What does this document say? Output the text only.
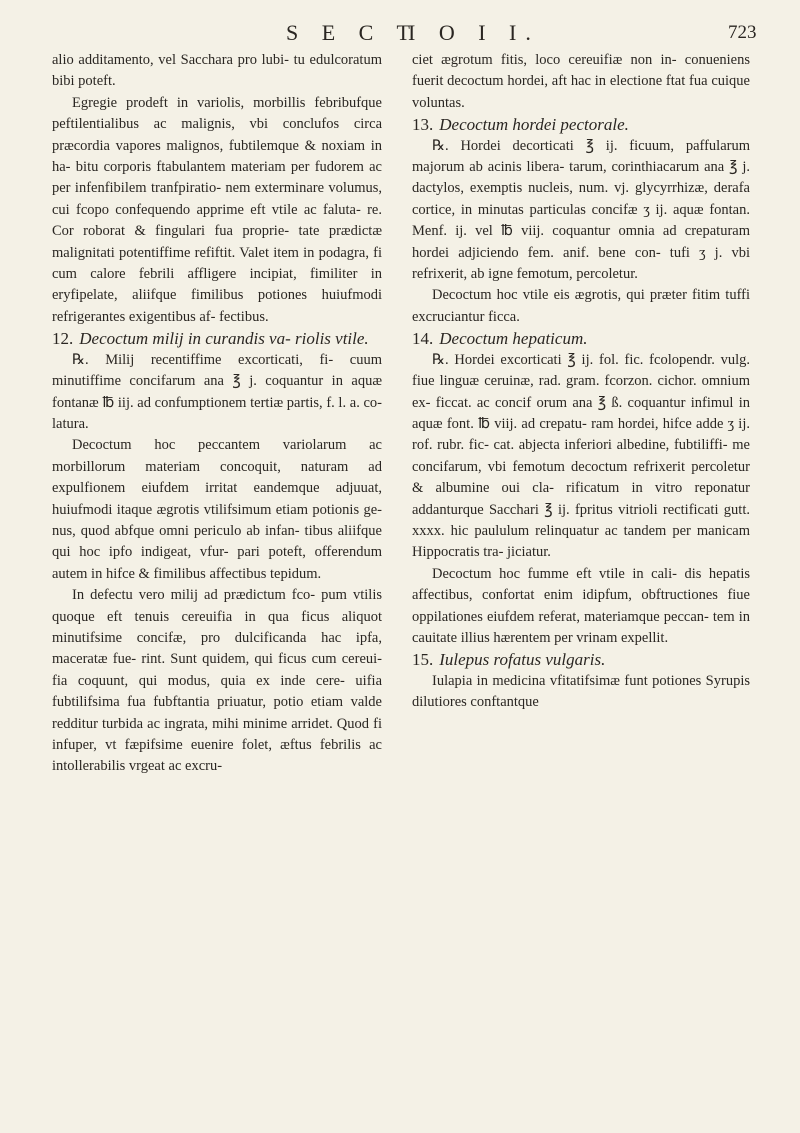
S E C T
I O I I.	723

alio additamento, vel Sacchara pro lubi- tu edulcoratum bibi poteft.

Egregie prodeft in variolis, morbillis febribufque peftilentialibus ac malignis, vbi conclufos circa præcordia vapores malignos, fubtilemque & noxiam in ha- bitu corporis ftabulantem materiam per fudorem ac per infenfibilem tranfpiratio- nem exterminare volumus, cui fcopo confequendo apprime eft vtile ac faluta- re. Cor roborat & fingulari fua proprie- tate prædictæ malignitati potentiffime refiftit. Valet item in podagra, fi cum calore febrili affligere incipiat, fimiliter in eryfipelate, aliifque fimilibus potiones huiufmodi refrigerantes exigentibus af- fectibus.

12. Decoctum milij in curandis va- riolis vtile.

℞. Milij recentiffime excorticati, fi- cuum minutiffime concifarum ana ℥ j. coquantur in aquæ fontanæ ℔ iij. ad confumptionem tertiæ partis, f. l. a. co- latura.

Decoctum hoc peccantem variolarum ac morbillorum materiam concoquit, naturam ad expulfionem eiufdem irritat eandemque adjuuat, huiufmodi itaque ægrotis vtilifsimum etiam potionis ge- nus, quod abfque omni periculo ab infan- tibus aliifque qui hoc ipfo indigeat, vfur- pari poteft, offerendum autem in hifce & fimilibus affectibus tepidum.

In defectu vero milij ad prædictum fco- pum vtilis quoque eft tenuis cereuifia in qua ficus aliquot minutifsime concifæ, pro dulcificanda hac ipfa, maceratæ fue- rint. Sunt quidem, qui ficus cum cereui- fia coquunt, qui modus, quia ex inde cere- uifia fubtilifsima fua fubftantia priuatur, potio etiam valde redditur turbida ac ingrata, mihi minime arridet. Quod fi infuper, vt fæpifsime euenire folet, æftus febrilis ac intollerabilis vrgeat ac excru-

ciet ægrotum fitis, loco cereuifiæ non in- conueniens fuerit decoctum hordei, aft hac in electione ftat fua cuique voluntas.

13. Decoctum hordei pectorale.

℞. Hordei decorticati ℥ ij. ficuum, paffularum majorum ab acinis libera- tarum, corinthiacarum ana ℥ j. dactylos, exemptis nucleis, num. vj. glycyrrhizæ, derafa cortice, in minutas particulas concifæ ʒ ij. aquæ fontan. Menf. ij. vel ℔ viij. coquantur omnia ad crepaturam hordei adjiciendo fem. anif. bene con- tufi ʒ j. vbi refrixerit, ab igne femotum, percoletur.

Decoctum hoc vtile eis ægrotis, qui præter fitim tuffi excruciantur ficca.

14. Decoctum hepaticum.

℞. Hordei excorticati ℥ ij. fol. fic. fcolopendr. vulg. fiue linguæ ceruinæ, rad. gram. fcorzon. cichor. omnium ex- ficcat. ac concif orum ana ℥ ß. coquantur infimul in aquæ font. ℔ viij. ad crepatu- ram hordei, hifce adde ʒ ij. rof. rubr. fic- cat. abjecta inferiori albedine, fubtiliffi- me concifarum, vbi femotum decoctum refrixerit percoletur & albumine oui cla- rificatum in vitro reponatur addanturque Sacchari ℥ ij. fpritus vitrioli rectificati gutt. xxxx. hic paululum relinquatur ac tandem per manicam Hippocratis tra- jiciatur.

Decoctum hoc fumme eft vtile in cali- dis hepatis affectibus, confortat enim idipfum, obftructiones fiue oppilationes eiufdem referat, materiamque peccan- tem in cauitate illius hærentem per vrinam expellit.

15. Iulepus rofatus vulgaris.

Iulapia in medicina vfitatifsimæ funt potiones Syrupis dilutiores conftantque
